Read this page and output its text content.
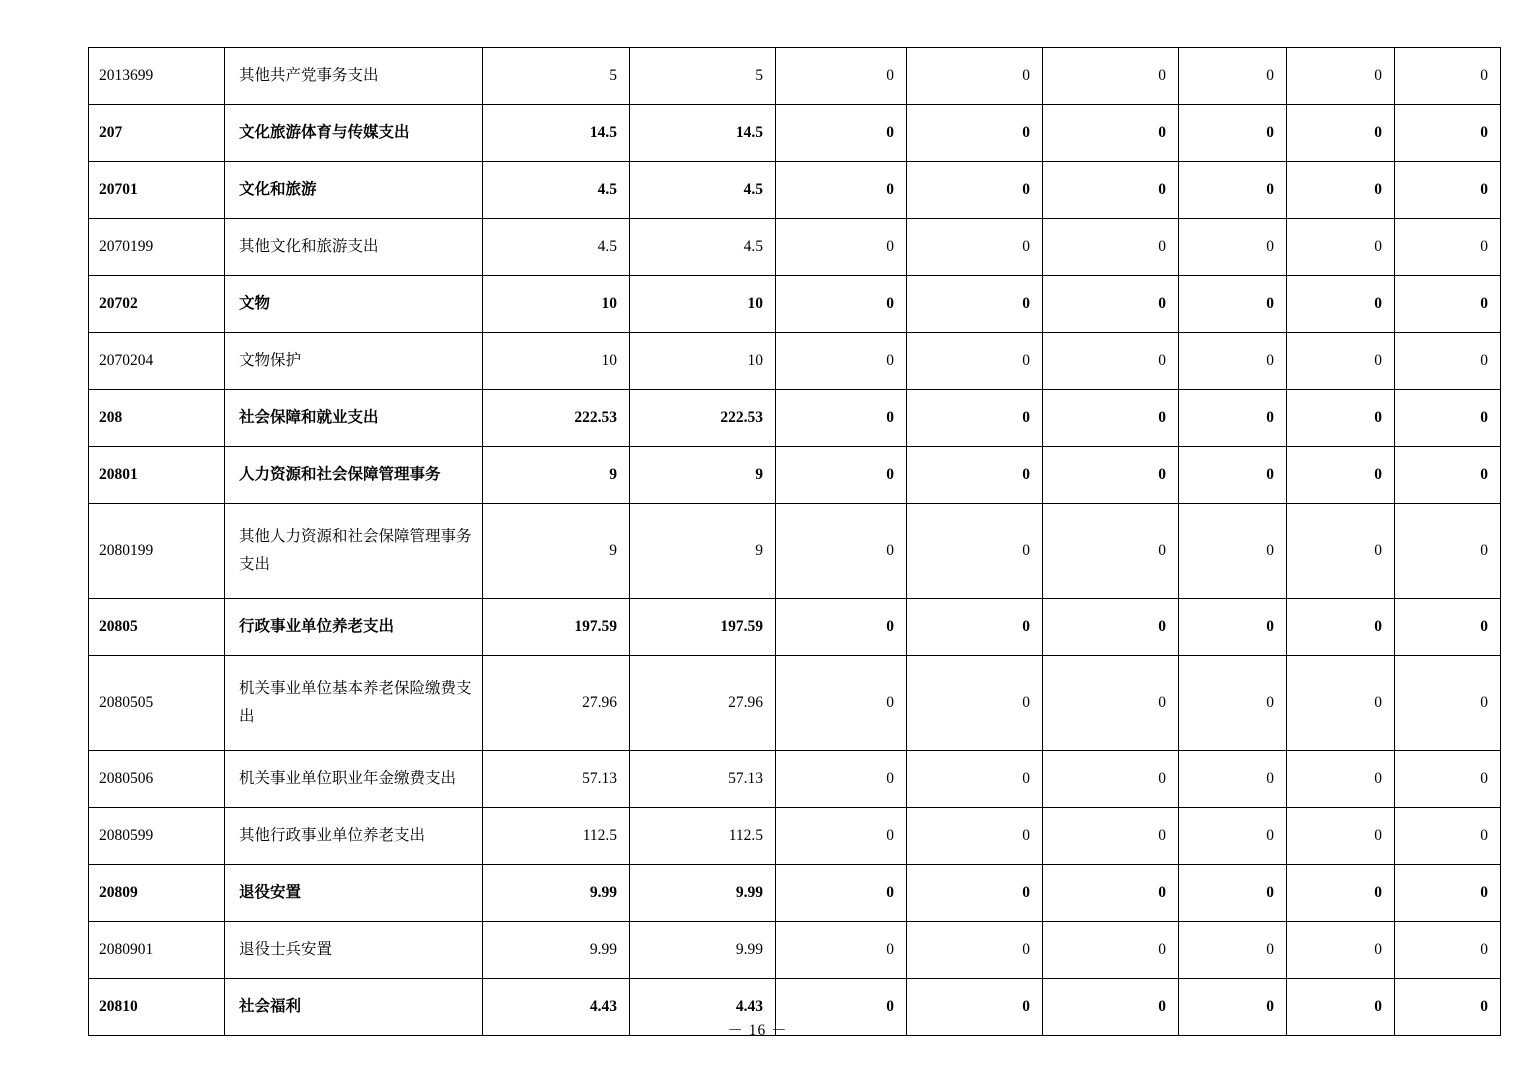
2013699	其他共产党事务支出	5	5	0	0	0	0	0	0
207	文化旅游体育与传媒支出	14.5	14.5	0	0	0	0	0	0
20701	文化和旅游	4.5	4.5	0	0	0	0	0	0
2070199	其他文化和旅游支出	4.5	4.5	0	0	0	0	0	0
20702	文物	10	10	0	0	0	0	0	0
2070204	文物保护	10	10	0	0	0	0	0	0
208	社会保障和就业支出	222.53	222.53	0	0	0	0	0	0
20801	人力资源和社会保障管理事务	9	9	0	0	0	0	0	0
2080199	其他人力资源和社会保障管理事务支出	9	9	0	0	0	0	0	0
20805	行政事业单位养老支出	197.59	197.59	0	0	0	0	0	0
2080505	机关事业单位基本养老保险缴费支出	27.96	27.96	0	0	0	0	0	0
2080506	机关事业单位职业年金缴费支出	57.13	57.13	0	0	0	0	0	0
2080599	其他行政事业单位养老支出	112.5	112.5	0	0	0	0	0	0
20809	退役安置	9.99	9.99	0	0	0	0	0	0
2080901	退役士兵安置	9.99	9.99	0	0	0	0	0	0
20810	社会福利	4.43	4.43	0	0	0	0	0	0
－ 16 －
